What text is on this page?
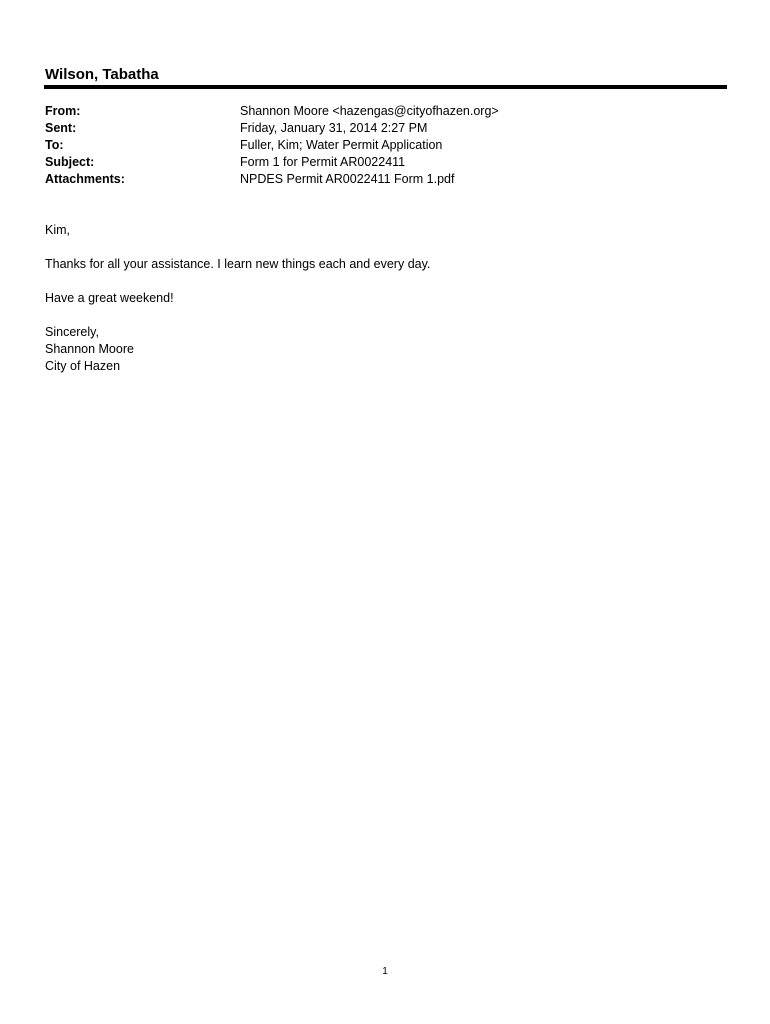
Wilson, Tabatha
From:	Shannon Moore <hazengas@cityofhazen.org>
Sent:	Friday, January 31, 2014 2:27 PM
To:	Fuller, Kim; Water Permit Application
Subject:	Form 1 for Permit AR0022411
Attachments:	NPDES Permit AR0022411 Form 1.pdf
Kim,
Thanks for all your assistance. I learn new things each and every day.
Have a great weekend!
Sincerely,
Shannon Moore
City of Hazen
1
